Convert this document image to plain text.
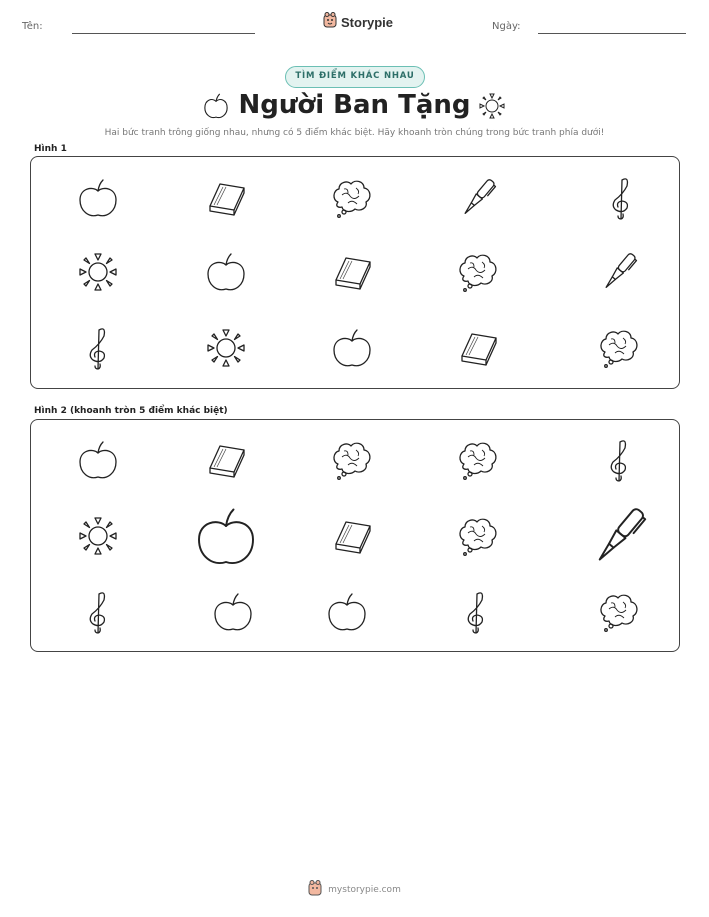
Tên:	Storypie	Ngày:
TÌM ĐIỂM KHÁC NHAU
Người Ban Tặng
Hai bức tranh trông giống nhau, nhưng có 5 điểm khác biệt. Hãy khoanh tròn chúng trong bức tranh phía dưới!
Hình 1
Hình 2 (khoanh tròn 5 điểm khác biệt)
mystorypie.com
